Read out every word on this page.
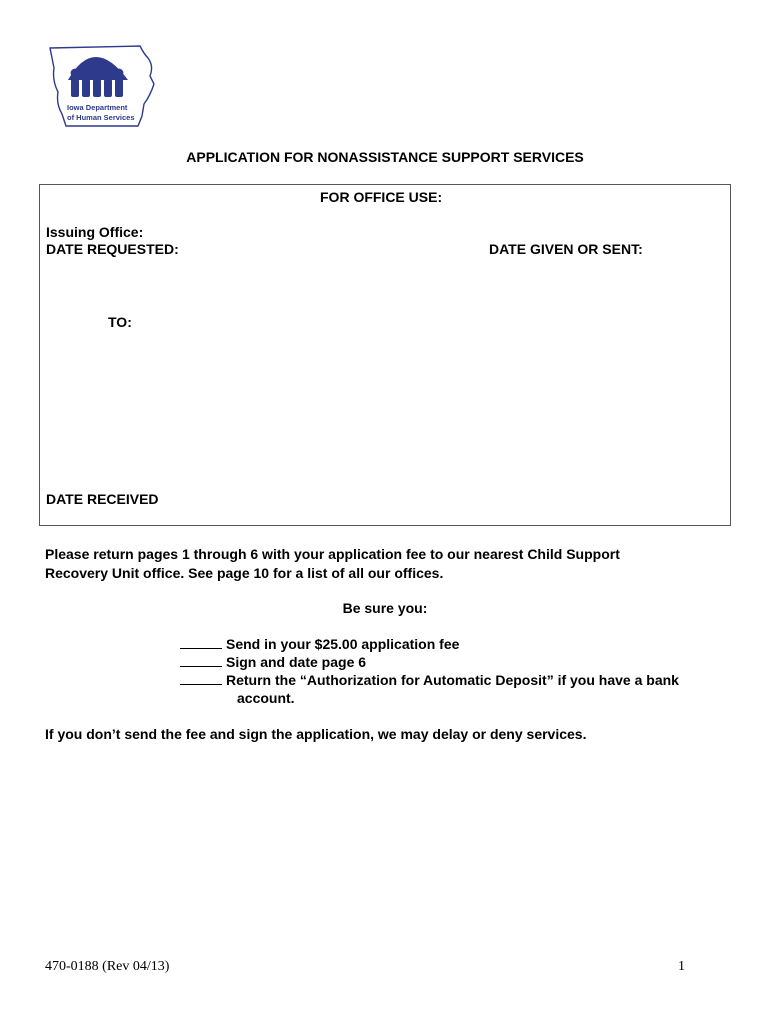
Iowa Department
of Human Services
APPLICATION FOR NONASSISTANCE SUPPORT SERVICES
FOR OFFICE USE:
Issuing Office:
DATE REQUESTED:	DATE GIVEN OR SENT:
TO:
DATE RECEIVED
Please return pages 1 through 6 with your application fee to our nearest Child Support
Recovery Unit office. See page 10 for a list of all our offices.
Be sure you:
Send in your $25.00 application fee
Sign and date page 6
Return the “Authorization for Automatic Deposit” if you have a bank
account.
If you don’t send the fee and sign the application, we may delay or deny services.
470-0188 (Rev 04/13)	1
